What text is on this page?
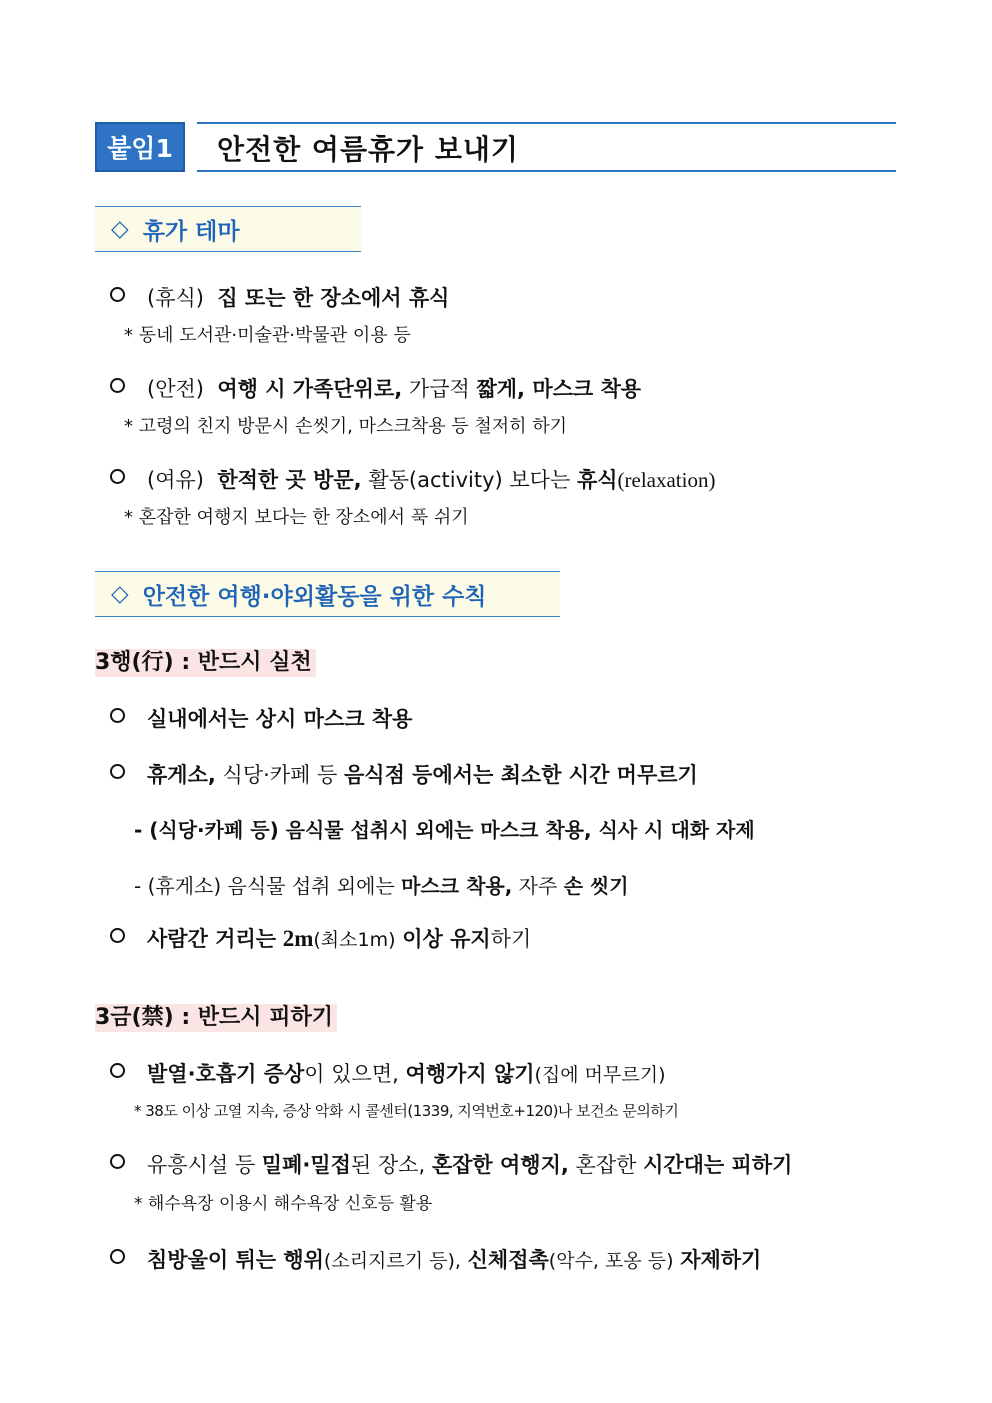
붙임1	안전한 여름휴가 보내기
◇ 휴가 테마
(휴식) 집 또는 한 장소에서 휴식
* 동네 도서관·미술관·박물관 이용 등
(안전) 여행 시 가족단위로, 가급적 짧게, 마스크 착용
* 고령의 친지 방문시 손씻기, 마스크착용 등 철저히 하기
(여유) 한적한 곳 방문, 활동(activity) 보다는 휴식(relaxation)
* 혼잡한 여행지 보다는 한 장소에서 푹 쉬기
◇ 안전한 여행·야외활동을 위한 수칙
3행(行) : 반드시 실천
실내에서는 상시 마스크 착용
휴게소, 식당·카페 등 음식점 등에서는 최소한 시간 머무르기
- (식당·카페 등) 음식물 섭취시 외에는 마스크 착용, 식사 시 대화 자제
- (휴게소) 음식물 섭취 외에는 마스크 착용, 자주 손 씻기
사람간 거리는 2m(최소1m) 이상 유지하기
3금(禁) : 반드시 피하기
발열·호흡기 증상이 있으면, 여행가지 않기(집에 머무르기)
* 38도 이상 고열 지속, 증상 악화 시 콜센터(1339, 지역번호+120)나 보건소 문의하기
유흥시설 등 밀폐·밀접된 장소, 혼잡한 여행지, 혼잡한 시간대는 피하기
* 해수욕장 이용시 해수욕장 신호등 활용
침방울이 튀는 행위(소리지르기 등), 신체접촉(악수, 포옹 등) 자제하기
